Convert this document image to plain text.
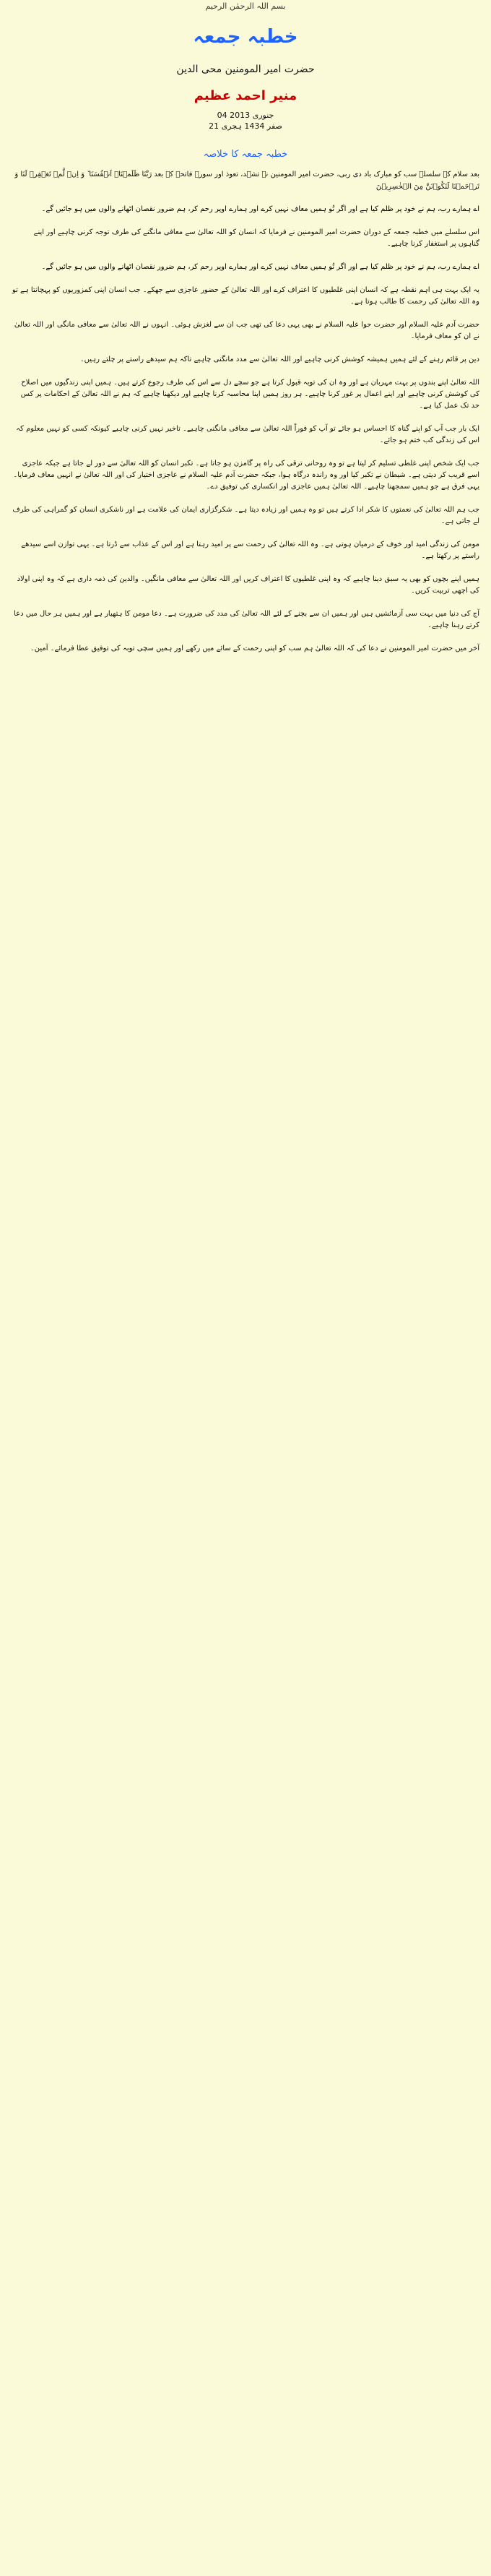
بسم اللہ الرحمٰن الرحیم
خطبہ جمعہ
حضرت امیر المومنین محی الدین
منیر احمد عظیم
04 جنوری 2013
21 صفر 1434 ہجری
خطبہ جمعہ کا خلاصہ
بعد سلام کے سلسلہ سب کو مبارک باد دی ربی، حضرت امیر المومنین نے تشہد، تعوذ اور سورۃ فاتحہ کے بعد رَبَّنَا ظَلَمۡنَاۤ اَنۡفُسَنَا ٚ وَ اِنۡ لَّمۡ تَغۡفِرۡ لَنَا وَ تَرۡحَمۡنَا لَنَکُوۡنَنَّ مِنَ الۡخٰسِرِیۡنَ

اے ہمارے رب، ہم نے خود پر ظلم کیا ہے اور اگر تُو ہمیں معاف نہیں کرے اور ہمارے اوپر رحم کر، ہم ضرور نقصان اٹھانے والوں میں ہو جائیں گے۔

اس سلسلے میں خطبہ جمعہ کے دوران حضرت امیر المومنین نے فرمایا کہ انسان کو اللہ تعالیٰ سے معافی مانگنے کی طرف توجہ کرنی چاہیے اور اپنے گناہوں پر استغفار کرنا چاہیے۔

اے ہمارے رب، ہم نے خود پر ظلم کیا ہے اور اگر تُو ہمیں معاف نہیں کرے اور ہمارے اوپر رحم کر، ہم ضرور نقصان اٹھانے والوں میں ہو جائیں گے۔

یہ ایک بہت ہی اہم نقطہ ہے کہ انسان اپنی غلطیوں کا اعتراف کرے اور اللہ تعالیٰ کے حضور عاجزی سے جھکے۔ جب انسان اپنی کمزوریوں کو پہچانتا ہے تو وہ اللہ تعالیٰ کی رحمت کا طالب ہوتا ہے۔

حضرت آدم علیہ السلام اور حضرت حوا علیہ السلام نے بھی یہی دعا کی تھی جب ان سے لغزش ہوئی۔ انہوں نے اللہ تعالیٰ سے معافی مانگی اور اللہ تعالیٰ نے ان کو معاف فرمایا۔

دین پر قائم رہنے کے لئے ہمیں ہمیشہ کوشش کرنی چاہیے اور اللہ تعالیٰ سے مدد مانگنی چاہیے تاکہ ہم سیدھے راستے پر چلتے رہیں۔

اللہ تعالیٰ اپنے بندوں پر بہت مہربان ہے اور وہ ان کی توبہ قبول کرتا ہے جو سچے دل سے اس کی طرف رجوع کرتے ہیں۔ ہمیں اپنی زندگیوں میں اصلاح کی کوشش کرنی چاہیے اور اپنے اعمال پر غور کرنا چاہیے۔ ہر روز ہمیں اپنا محاسبہ کرنا چاہیے اور دیکھنا چاہیے کہ ہم نے اللہ تعالیٰ کے احکامات پر کس حد تک عمل کیا ہے۔

ایک بار جب آپ کو اپنے گناہ کا احساس ہو جائے تو آپ کو فوراً اللہ تعالیٰ سے معافی مانگنی چاہیے۔ تاخیر نہیں کرنی چاہیے کیونکہ کسی کو نہیں معلوم کہ اس کی زندگی کب ختم ہو جائے۔

جب ایک شخص اپنی غلطی تسلیم کر لیتا ہے تو وہ روحانی ترقی کی راہ پر گامزن ہو جاتا ہے۔ تکبر انسان کو اللہ تعالیٰ سے دور لے جاتا ہے جبکہ عاجزی اسے قریب کر دیتی ہے۔ شیطان نے تکبر کیا اور وہ راندہ درگاہ ہوا، جبکہ حضرت آدم علیہ السلام نے عاجزی اختیار کی اور اللہ تعالیٰ نے انہیں معاف فرمایا۔ یہی فرق ہے جو ہمیں سمجھنا چاہیے۔ اللہ تعالیٰ ہمیں عاجزی اور انکساری کی توفیق دے۔

جب ہم اللہ تعالیٰ کی نعمتوں کا شکر ادا کرتے ہیں تو وہ ہمیں اور زیادہ دیتا ہے۔ شکرگزاری ایمان کی علامت ہے اور ناشکری انسان کو گمراہی کی طرف لے جاتی ہے۔

مومن کی زندگی امید اور خوف کے درمیان ہوتی ہے۔ وہ اللہ تعالیٰ کی رحمت سے پر امید رہتا ہے اور اس کے عذاب سے ڈرتا ہے۔ یہی توازن اسے سیدھے راستے پر رکھتا ہے۔

ہمیں اپنے بچوں کو بھی یہ سبق دینا چاہیے کہ وہ اپنی غلطیوں کا اعتراف کریں اور اللہ تعالیٰ سے معافی مانگیں۔ والدین کی ذمہ داری ہے کہ وہ اپنی اولاد کی اچھی تربیت کریں۔

آج کی دنیا میں بہت سی آزمائشیں ہیں اور ہمیں ان سے بچنے کے لئے اللہ تعالیٰ کی مدد کی ضرورت ہے۔ دعا مومن کا ہتھیار ہے اور ہمیں ہر حال میں دعا کرتے رہنا چاہیے۔

آخر میں حضرت امیر المومنین نے دعا کی کہ اللہ تعالیٰ ہم سب کو اپنی رحمت کے سائے میں رکھے اور ہمیں سچی توبہ کی توفیق عطا فرمائے۔ آمین۔
